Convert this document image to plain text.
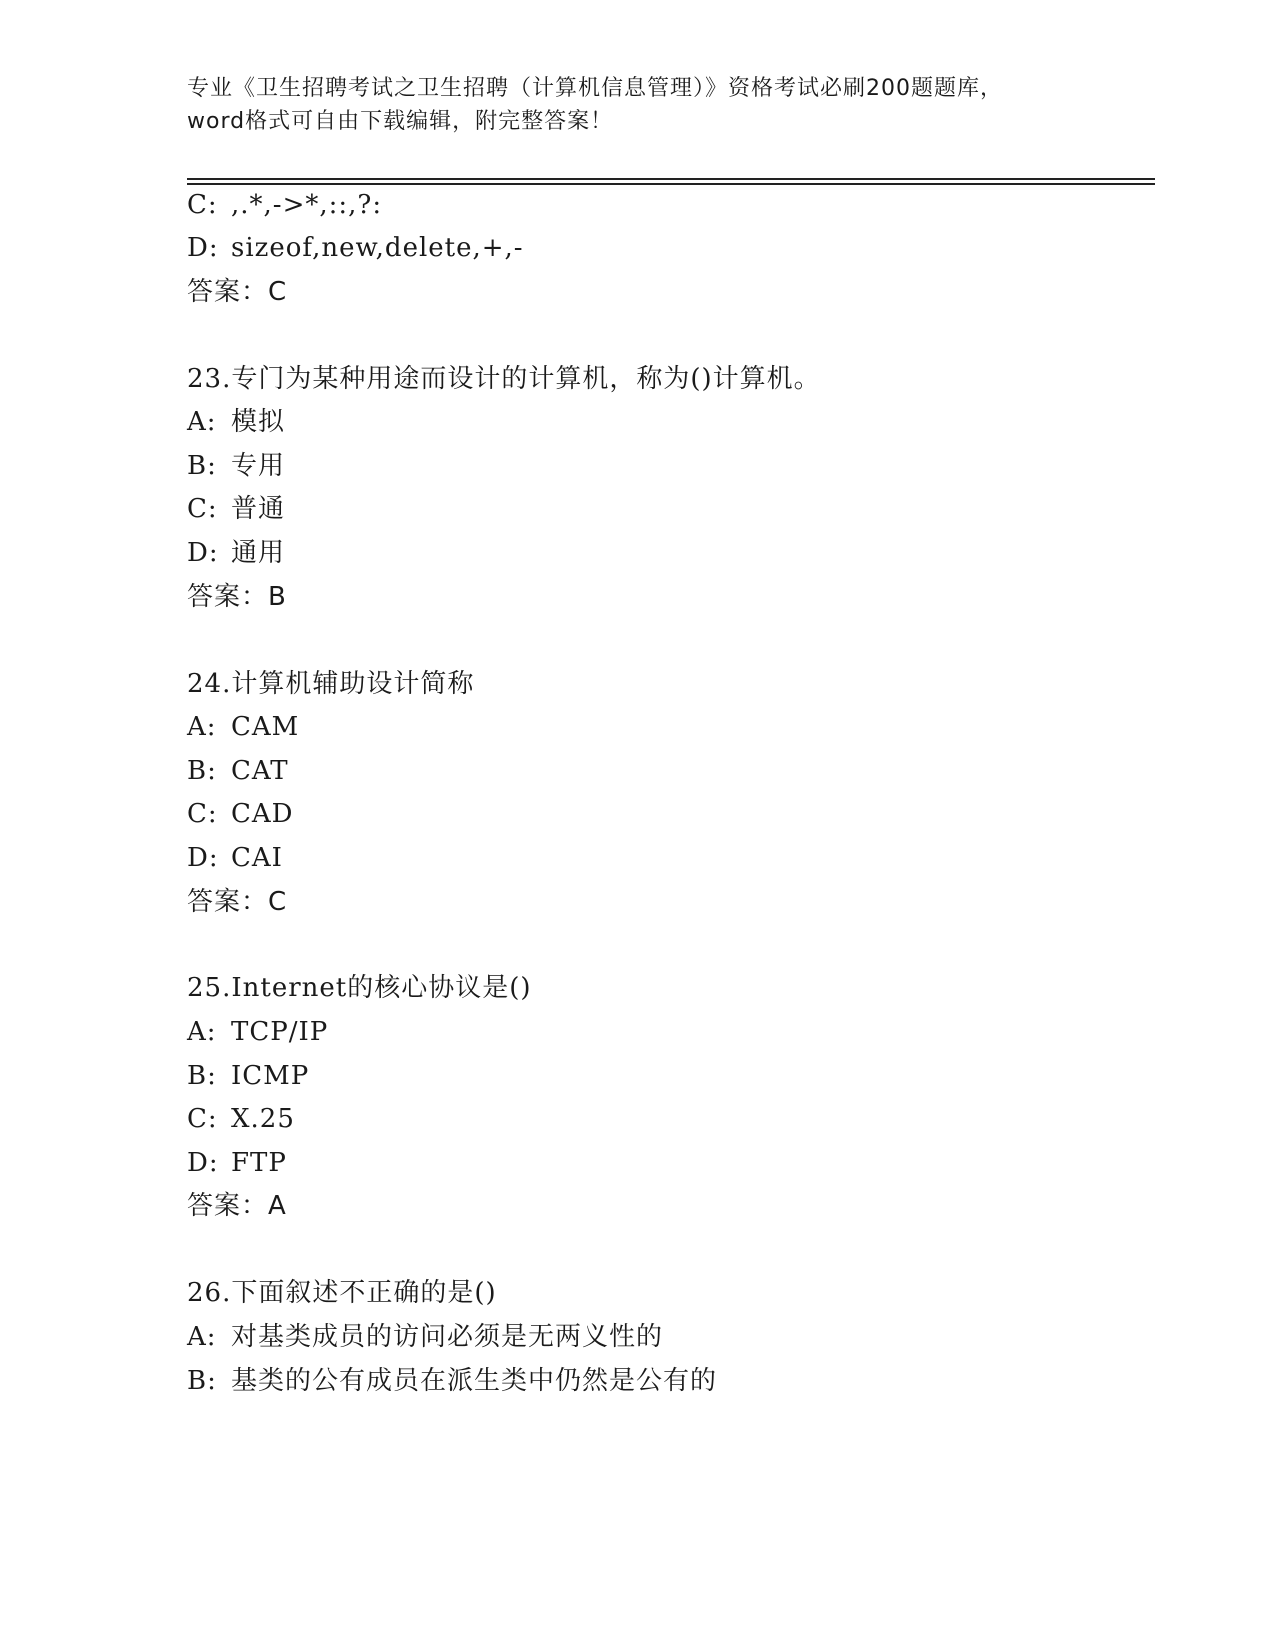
专业《卫生招聘考试之卫生招聘（计算机信息管理）》资格考试必刷200题题库，
word格式可自由下载编辑，附完整答案！
C: ,.*,->*,::,?:
D: sizeof,new,delete,+,-
答案：C
23.专门为某种用途而设计的计算机，称为()计算机。
A: 模拟
B: 专用
C: 普通
D: 通用
答案：B
24.计算机辅助设计简称
A: CAM
B: CAT
C: CAD
D: CAI
答案：C
25.Internet的核心协议是()
A: TCP/IP
B: ICMP
C: X.25
D: FTP
答案：A
26.下面叙述不正确的是()
A: 对基类成员的访问必须是无两义性的
B: 基类的公有成员在派生类中仍然是公有的
